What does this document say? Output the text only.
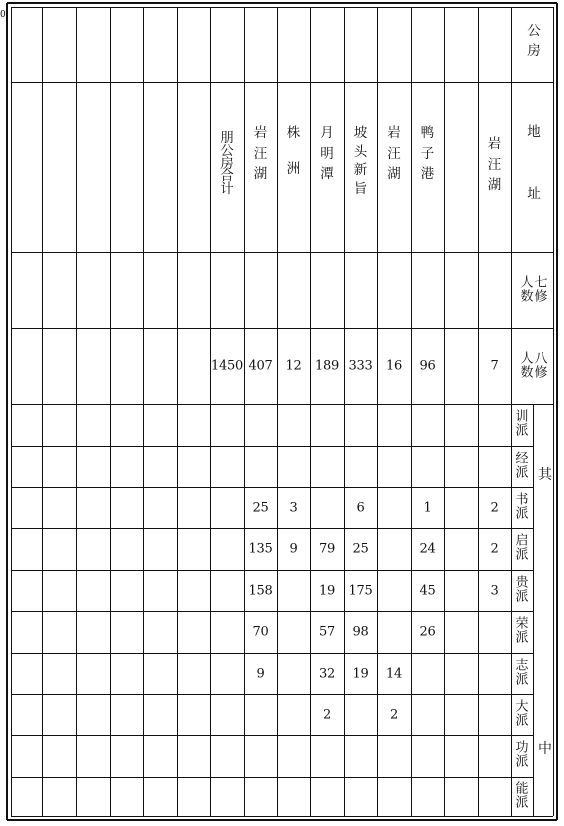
0
公
房
地
址
七
修
人
数
八
修
人
数
其
中
训
派
经
派
书
派
启
派
贵
派
荣
派
志
派
大
派
功
派
能
派
岩
汪
湖
7
2
2
3
鸭
子
港
96
1
24
45
26
岩
汪
湖
16
14
2
坡
头
新
旨
333
6
25
175
98
19
月
明
潭
189
79
19
57
32
2
株
洲
12
3
9
岩
汪
湖
407
25
135
158
70
9
朋
公
房
合
计
1450
